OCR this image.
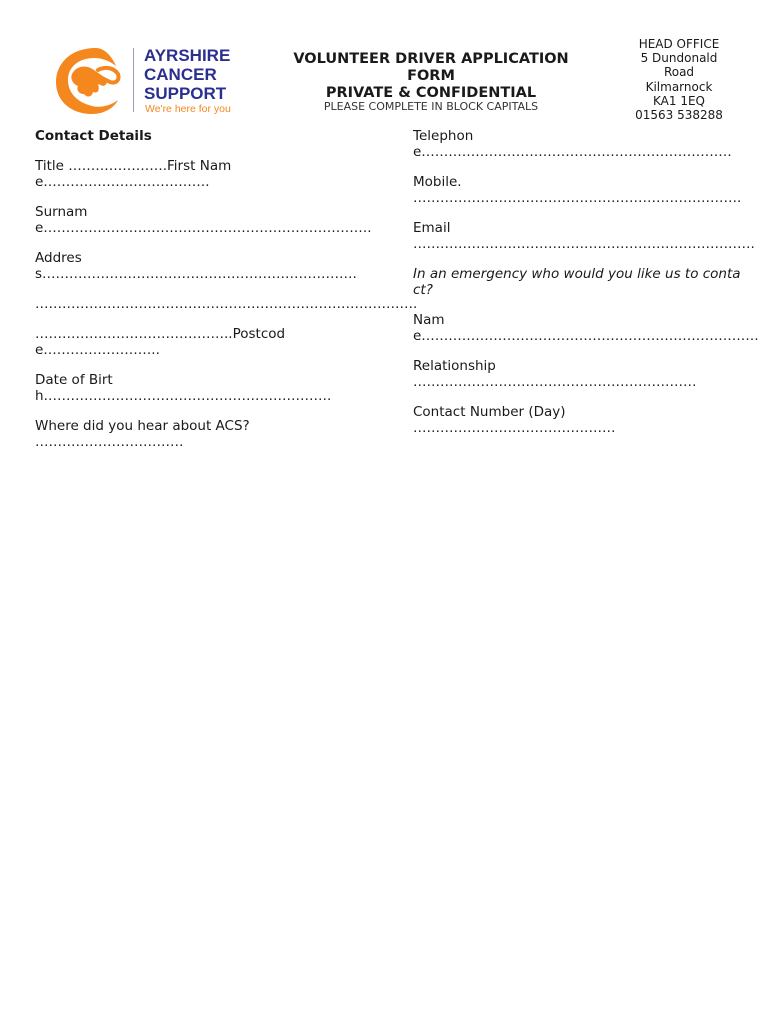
AYRSHIRE
CANCER
SUPPORT
We're here for you
VOLUNTEER DRIVER APPLICATION
FORM
PRIVATE & CONFIDENTIAL
PLEASE COMPLETE IN BLOCK CAPITALS
HEAD OFFICE
5 Dundonald
Road
Kilmarnock
KA1 1EQ
01563 538288
Contact Details
Title ………………….First Name……………………………….
Surname……………………………………………………………….
Address…………………………………………………………….
………………………………………………………………………….
……………………………………..Postcode……………………..
Date of Birth……………………………………………………….
Where did you hear about ACS? ……………………………
Telephone……………………………………………………………
Mobile. ……………………………………………………………….
Email ………………………………………………………………….
In an emergency who would you like us to contact?
Name…………………………………………………………………
Relationship ………………………………………………………
Contact Number (Day) ………………………………………
